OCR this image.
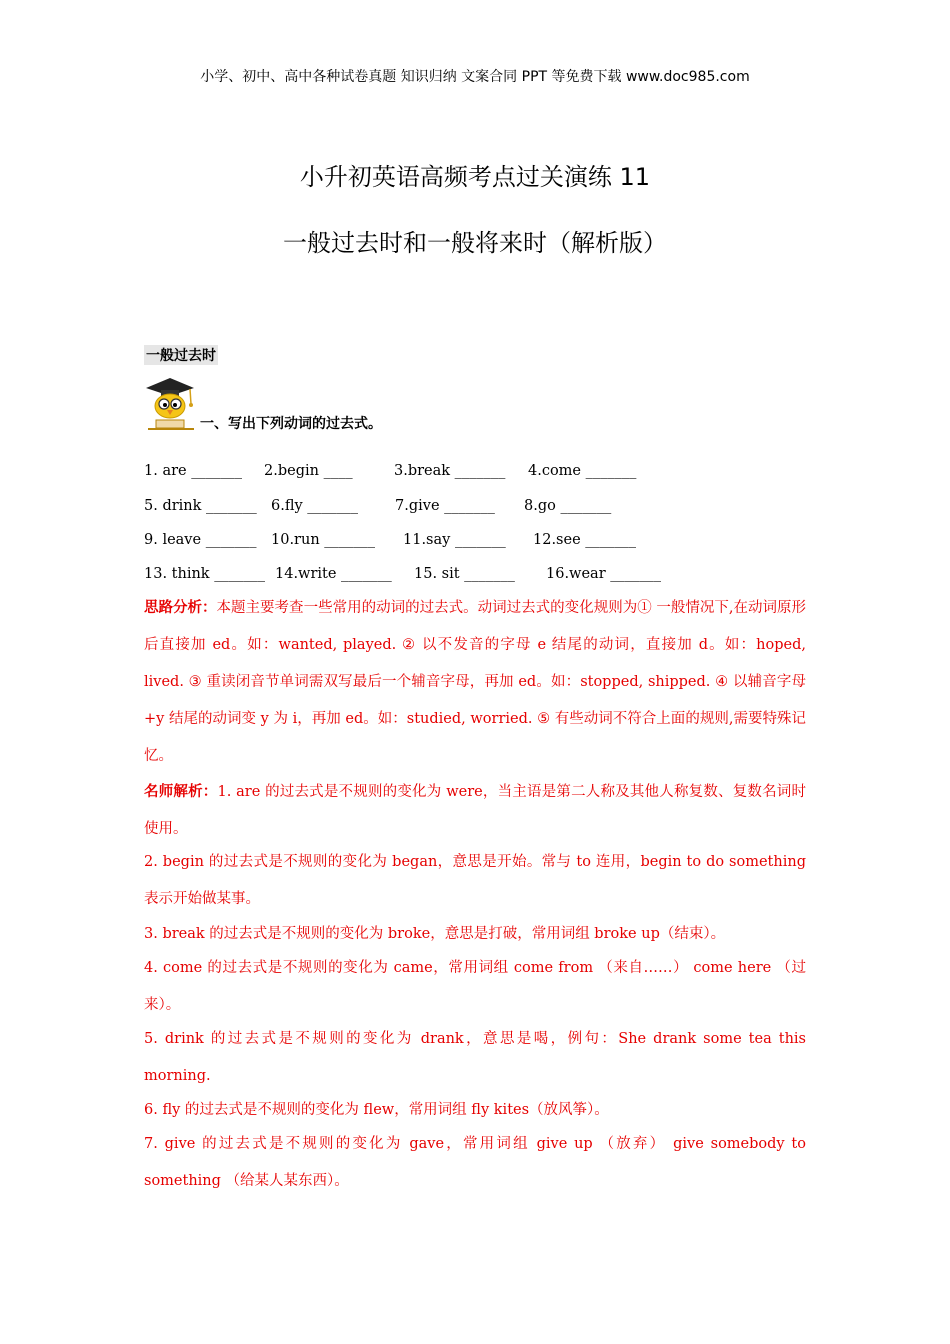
小学、初中、高中各种试卷真题 知识归纳 文案合同 PPT 等免费下载 www.doc985.com
小升初英语高频考点过关演练 11
一般过去时和一般将来时（解析版）
一般过去时
一、写出下列动词的过去式。
1. are _______ 2.begin ____	3.break _______ 4.come _______
5. drink _______ 6.fly _______	7.give _______ 8.go _______
9. leave _______ 10.run _______ 11.say _______ 12.see _______
13. think _______ 14.write _______ 15. sit _______ 16.wear _______
思路分析：本题主要考查一些常用的动词的过去式。动词过去式的变化规则为① 一般情况下,在动词原形后直接加 ed。如：wanted, played. ② 以不发音的字母 e 结尾的动词，直接加 d。如：hoped, lived. ③ 重读闭音节单词需双写最后一个辅音字母，再加 ed。如：stopped, shipped. ④ 以辅音字母+y 结尾的动词变 y 为 i，再加 ed。如：studied, worried. ⑤ 有些动词不符合上面的规则,需要特殊记忆。
名师解析：1. are 的过去式是不规则的变化为 were，当主语是第二人称及其他人称复数、复数名词时使用。
2. begin 的过去式是不规则的变化为 began，意思是开始。常与 to 连用，begin to do something 表示开始做某事。
3. break 的过去式是不规则的变化为 broke，意思是打破，常用词组 broke up（结束）。
4. come 的过去式是不规则的变化为 came，常用词组 come from （来自……） come here （过来）。
5. drink 的过去式是不规则的变化为 drank，意思是喝，例句：She drank some tea this morning.
6. fly 的过去式是不规则的变化为 flew，常用词组 fly kites（放风筝）。
7. give 的过去式是不规则的变化为 gave，常用词组 give up （放弃） give somebody to something （给某人某东西）。
